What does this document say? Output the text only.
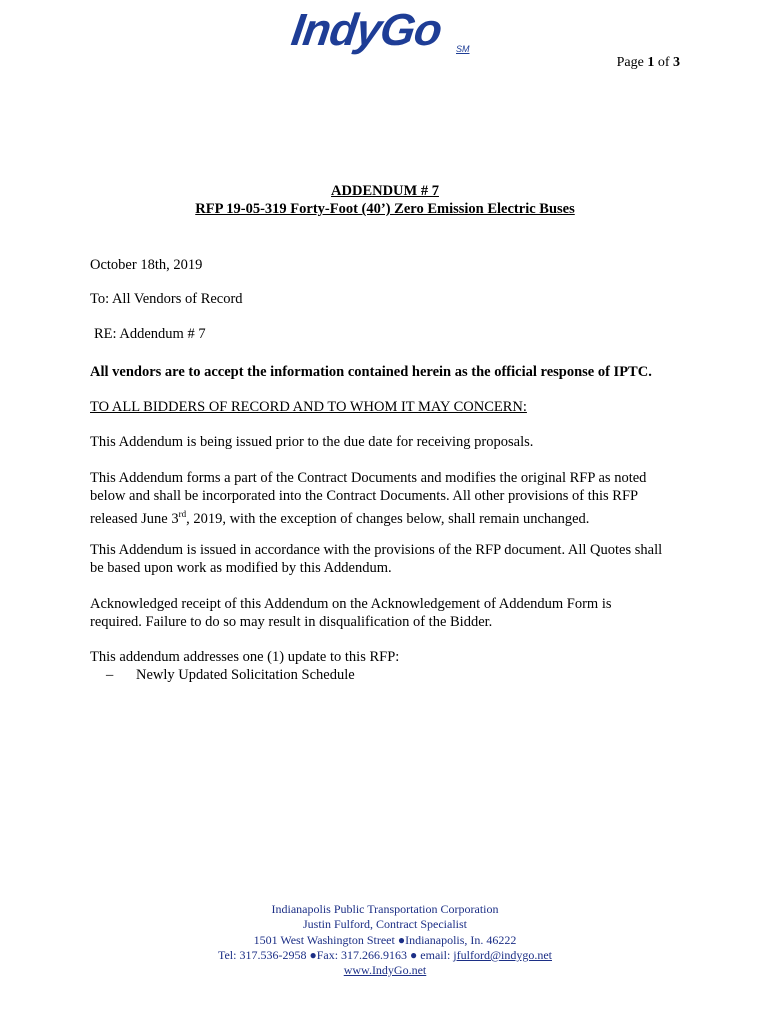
IndyGo SM
Page 1 of 3
ADDENDUM # 7
RFP 19-05-319 Forty-Foot (40’) Zero Emission Electric Buses
October 18th, 2019
To: All Vendors of Record
RE: Addendum # 7
All vendors are to accept the information contained herein as the official response of IPTC.
TO ALL BIDDERS OF RECORD AND TO WHOM IT MAY CONCERN:
This Addendum is being issued prior to the due date for receiving proposals.
This Addendum forms a part of the Contract Documents and modifies the original RFP as noted below and shall be incorporated into the Contract Documents. All other provisions of this RFP released June 3rd, 2019, with the exception of changes below, shall remain unchanged.
This Addendum is issued in accordance with the provisions of the RFP document. All Quotes shall be based upon work as modified by this Addendum.
Acknowledged receipt of this Addendum on the Acknowledgement of Addendum Form is required. Failure to do so may result in disqualification of the Bidder.
This addendum addresses one (1) update to this RFP:
– Newly Updated Solicitation Schedule
Indianapolis Public Transportation Corporation
Justin Fulford, Contract Specialist
1501 West Washington Street ●Indianapolis, In. 46222
Tel: 317.536-2958 ●Fax: 317.266.9163 ● email: jfulford@indygo.net
www.IndyGo.net
